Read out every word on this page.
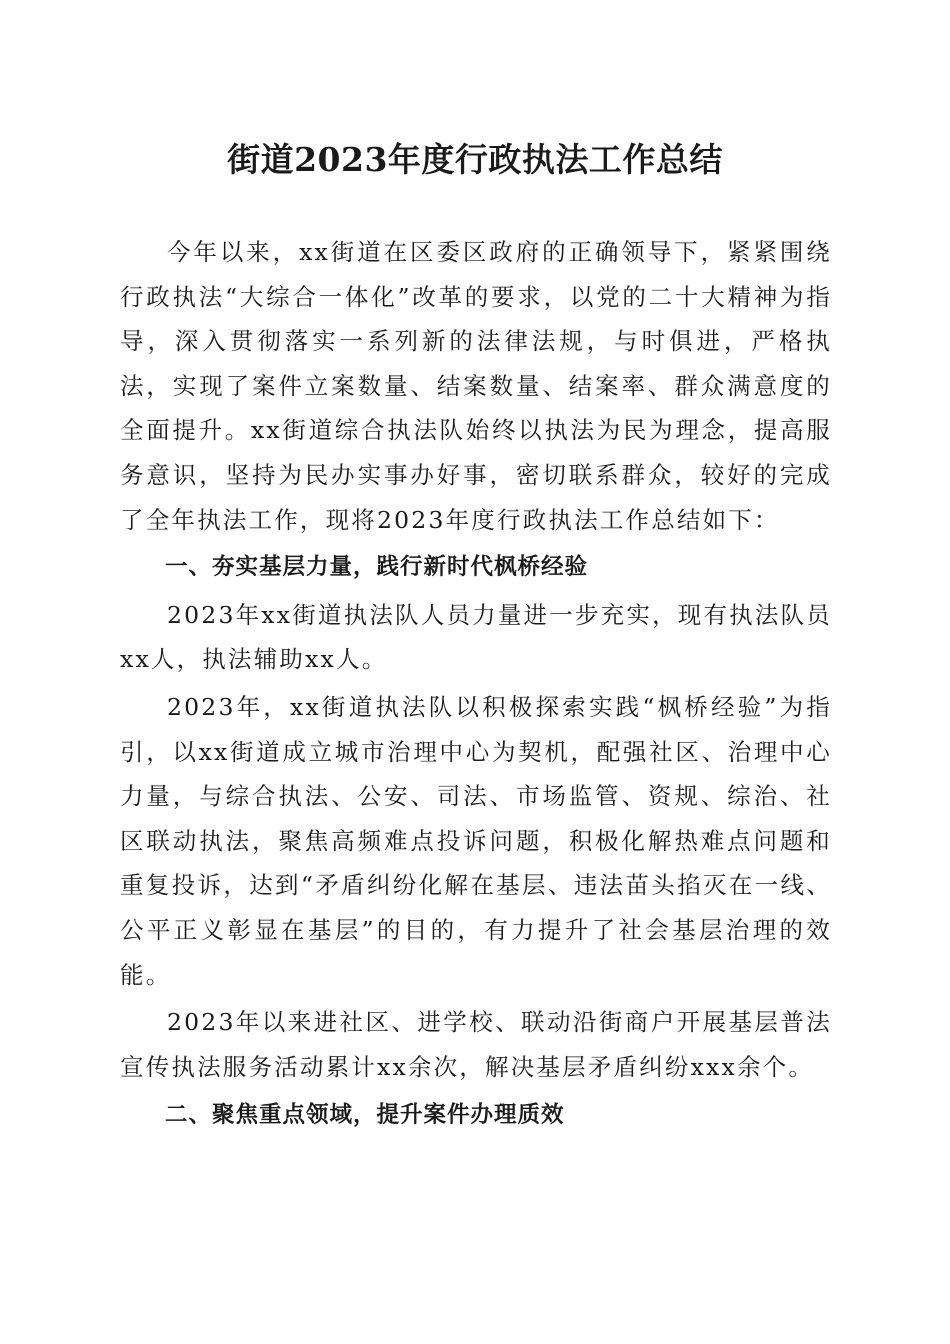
街道2023年度行政执法工作总结

今年以来，xx街道在区委区政府的正确领导下，紧紧围绕行政执法“大综合一体化”改革的要求，以党的二十大精神为指导，深入贯彻落实一系列新的法律法规，与时俱进，严格执法，实现了案件立案数量、结案数量、结案率、群众满意度的全面提升。xx街道综合执法队始终以执法为民为理念，提高服务意识，坚持为民办实事办好事，密切联系群众，较好的完成了全年执法工作，现将2023年度行政执法工作总结如下：

一、夯实基层力量，践行新时代枫桥经验

2023年xx街道执法队人员力量进一步充实，现有执法队员xx人，执法辅助xx人。

2023年，xx街道执法队以积极探索实践“枫桥经验”为指引，以xx街道成立城市治理中心为契机，配强社区、治理中心力量，与综合执法、公安、司法、市场监管、资规、综治、社区联动执法，聚焦高频难点投诉问题，积极化解热难点问题和重复投诉，达到“矛盾纠纷化解在基层、违法苗头掐灭在一线、公平正义彰显在基层”的目的，有力提升了社会基层治理的效能。

2023年以来进社区、进学校、联动沿街商户开展基层普法宣传执法服务活动累计xx余次，解决基层矛盾纠纷xxx余个。

二、聚焦重点领域，提升案件办理质效
